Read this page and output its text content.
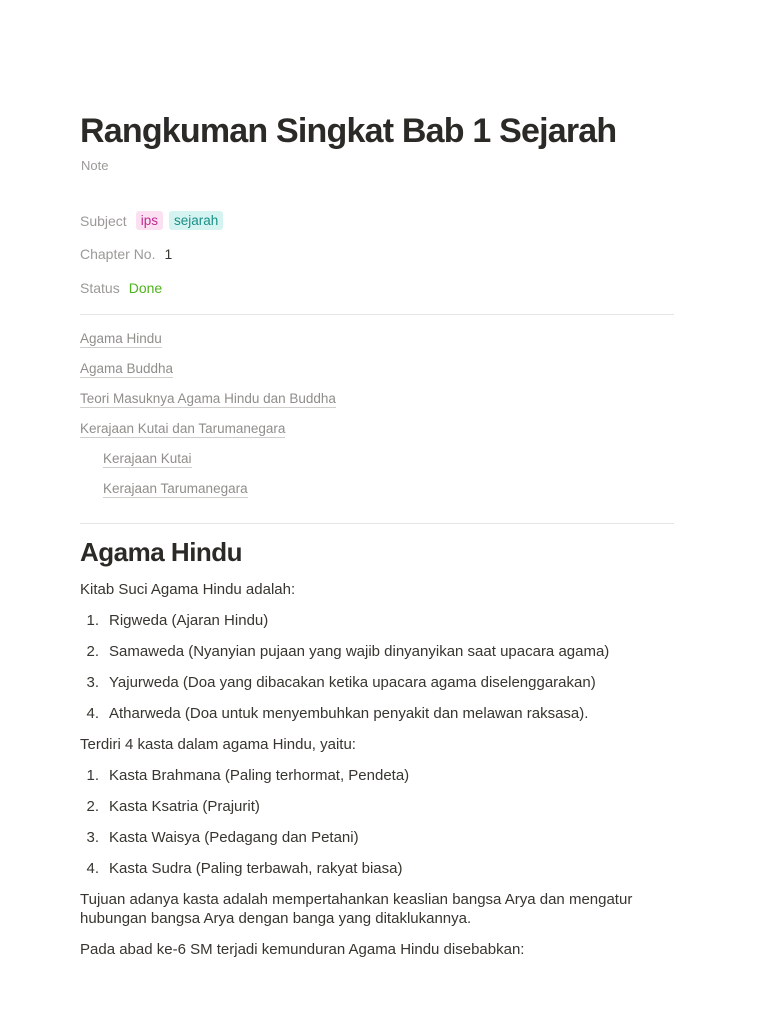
Rangkuman Singkat Bab 1 Sejarah
Note
Subject	ips	sejarah
Chapter No. 1
Status Done
Agama Hindu
Agama Buddha
Teori Masuknya Agama Hindu dan Buddha
Kerajaan Kutai dan Tarumanegara
Kerajaan Kutai
Kerajaan Tarumanegara
Agama Hindu

Kitab Suci Agama Hindu adalah:

1. Rigweda (Ajaran Hindu)
2. Samaweda (Nyanyian pujaan yang wajib dinyanyikan saat upacara agama)
3. Yajurweda (Doa yang dibacakan ketika upacara agama diselenggarakan)
4. Atharweda (Doa untuk menyembuhkan penyakit dan melawan raksasa).

Terdiri 4 kasta dalam agama Hindu, yaitu:

1. Kasta Brahmana (Paling terhormat, Pendeta)
2. Kasta Ksatria (Prajurit)
3. Kasta Waisya (Pedagang dan Petani)
4. Kasta Sudra (Paling terbawah, rakyat biasa)

Tujuan adanya kasta adalah mempertahankan keaslian bangsa Arya dan mengatur hubungan bangsa Arya dengan banga yang ditaklukannya.

Pada abad ke-6 SM terjadi kemunduran Agama Hindu disebabkan:
